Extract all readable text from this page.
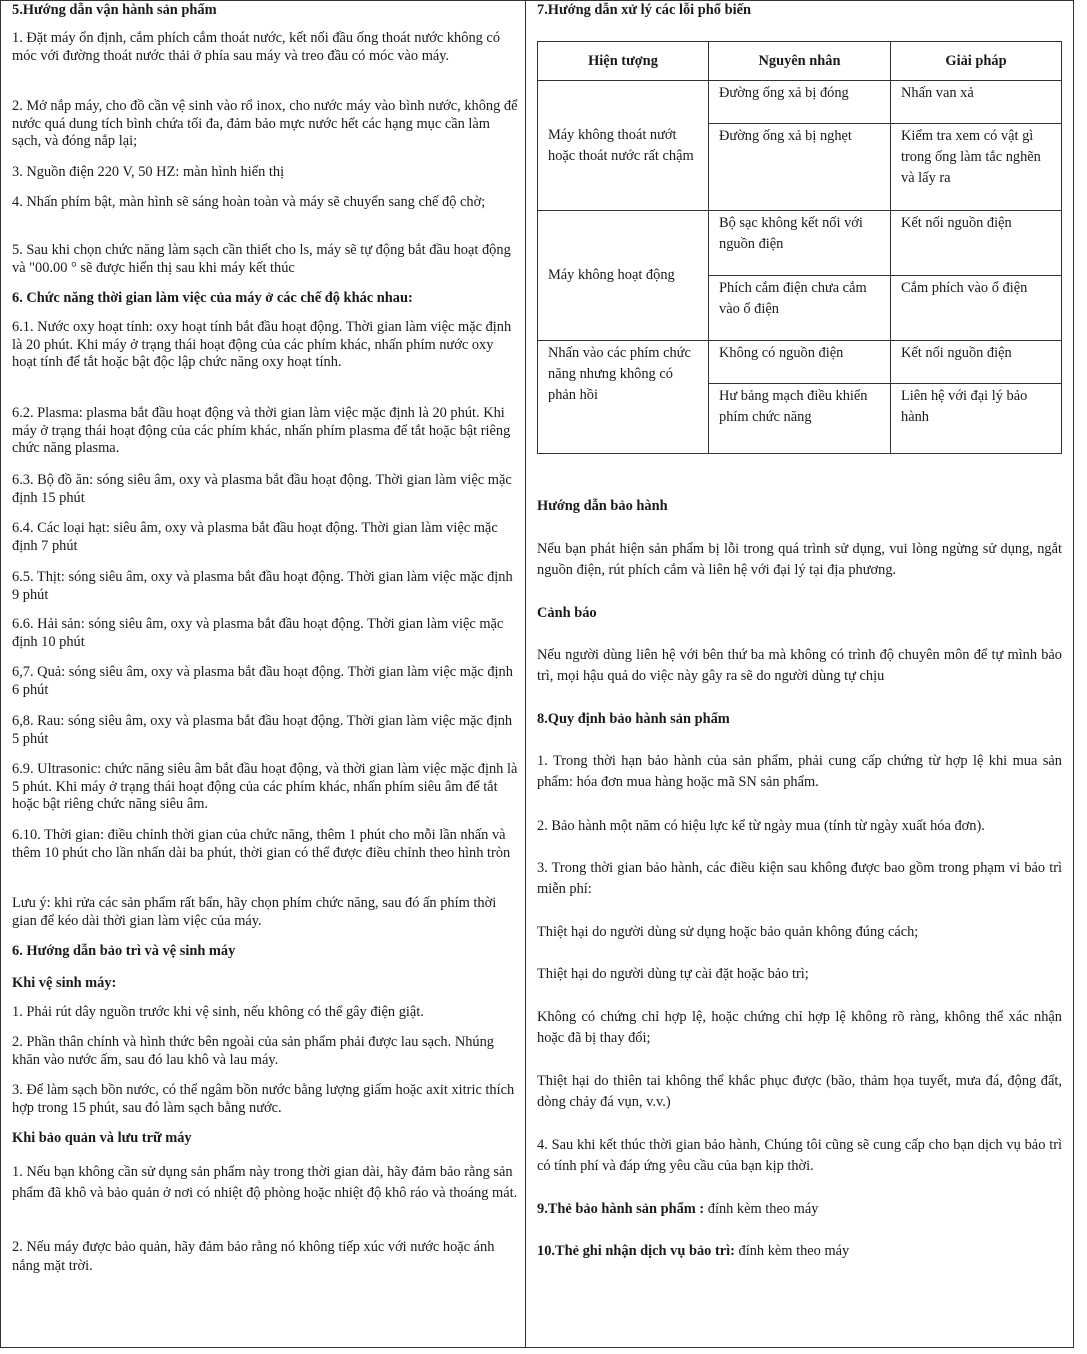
5.Hướng dẫn vận hành sản phẩm

1. Đặt máy ổn định, cắm phích cắm thoát nước, kết nối đầu ống thoát nước không có móc với đường thoát nước thải ở phía sau máy và treo đầu có móc vào máy.

2. Mở nắp máy, cho đồ cần vệ sinh vào rổ inox, cho nước máy vào bình nước, không để nước quá dung tích bình chứa tối đa, đảm bảo mực nước hết các hạng mục cần làm sạch, và đóng nắp lại;

3. Nguồn điện 220 V, 50 HZ: màn hình hiển thị

4. Nhấn phím bật, màn hình sẽ sáng hoàn toàn và máy sẽ chuyển sang chế độ chờ;

5. Sau khi chọn chức năng làm sạch cần thiết cho ls, máy sẽ tự động bắt đầu hoạt động và "00.00 ° sẽ được hiển thị sau khi máy kết thúc

6. Chức năng thời gian làm việc của máy ở các chế độ khác nhau:

6.1. Nước oxy hoạt tính: oxy hoạt tính bắt đầu hoạt động. Thời gian làm việc mặc định là 20 phút. Khi máy ở trạng thái hoạt động của các phím khác, nhấn phím nước oxy hoạt tính để tắt hoặc bật độc lập chức năng oxy hoạt tính.

6.2. Plasma: plasma bắt đầu hoạt động và thời gian làm việc mặc định là 20 phút. Khi máy ở trạng thái hoạt động của các phím khác, nhấn phím plasma để tắt hoặc bật riêng chức năng plasma.

6.3. Bộ đồ ăn: sóng siêu âm, oxy và plasma bắt đầu hoạt động. Thời gian làm việc mặc định 15 phút

6.4. Các loại hạt: siêu âm, oxy và plasma bắt đầu hoạt động. Thời gian làm việc mặc định 7 phút

6.5. Thịt: sóng siêu âm, oxy và plasma bắt đầu hoạt động. Thời gian làm việc mặc định 9 phút

6.6. Hải sản: sóng siêu âm, oxy và plasma bắt đầu hoạt động. Thời gian làm việc mặc định 10 phút

6,7. Quả: sóng siêu âm, oxy và plasma bắt đầu hoạt động. Thời gian làm việc mặc định 6 phút

6,8. Rau: sóng siêu âm, oxy và plasma bắt đầu hoạt động. Thời gian làm việc mặc định 5 phút

6.9. Ultrasonic: chức năng siêu âm bắt đầu hoạt động, và thời gian làm việc mặc định là 5 phút. Khi máy ở trạng thái hoạt động của các phím khác, nhấn phím siêu âm để tắt hoặc bật riêng chức năng siêu âm.

6.10. Thời gian: điều chỉnh thời gian của chức năng, thêm 1 phút cho mỗi lần nhấn và thêm 10 phút cho lần nhấn dài ba phút, thời gian có thể được điều chỉnh theo hình tròn

Lưu ý: khi rửa các sản phẩm rất bẩn, hãy chọn phím chức năng, sau đó ấn phím thời gian để kéo dài thời gian làm việc của máy.

6. Hướng dẫn bảo trì và vệ sinh máy

Khi vệ sinh máy:

1. Phải rút dây nguồn trước khi vệ sinh, nếu không có thể gây điện giật.

2. Phần thân chính và hình thức bên ngoài của sản phẩm phải được lau sạch. Nhúng khăn vào nước ấm, sau đó lau khô và lau máy.

3. Để làm sạch bồn nước, có thể ngâm bồn nước bằng lượng giấm hoặc axit xitric thích hợp trong 15 phút, sau đó làm sạch bằng nước.

Khi bảo quản và lưu trữ máy

1. Nếu bạn không cần sử dụng sản phẩm này trong thời gian dài, hãy đảm bảo rằng sản phẩm đã khô và bảo quản ở nơi có nhiệt độ phòng hoặc nhiệt độ khô ráo và thoáng mát.

2. Nếu máy được bảo quản, hãy đảm bảo rằng nó không tiếp xúc với nước hoặc ánh nắng mặt trời.

7.Hướng dẫn xử lý các lỗi phổ biến

Hiện tượng	Nguyên nhân	Giải pháp
Máy không thoát nướt hoặc thoát nước rất chậm	Đường ống xả bị đóng	Nhấn van xả
	Đường ống xả bị nghẹt	Kiểm tra xem có vật gì trong ống làm tắc nghẽn và lấy ra
Máy không hoạt động	Bộ sạc không kết nối với nguồn điện	Kết nối nguồn điện
	Phích cắm điện chưa cắm vào ổ điện	Cắm phích vào ổ điện
Nhấn vào các phím chức năng nhưng không có phản hồi	Không có nguồn điện	Kết nối nguồn điện
	Hư bảng mạch điều khiển phím chức năng	Liên hệ với đại lý bảo hành

Hướng dẫn bảo hành

Nếu bạn phát hiện sản phẩm bị lỗi trong quá trình sử dụng, vui lòng ngừng sử dụng, ngắt nguồn điện, rút phích cắm và liên hệ với đại lý tại địa phương.

Cảnh báo

Nếu người dùng liên hệ với bên thứ ba mà không có trình độ chuyên môn để tự mình bảo trì, mọi hậu quả do việc này gây ra sẽ do người dùng tự chịu

8.Quy định bảo hành sản phẩm

1. Trong thời hạn bảo hành của sản phẩm, phải cung cấp chứng từ hợp lệ khi mua sản phẩm: hóa đơn mua hàng hoặc mã SN sản phẩm.

2. Bảo hành một năm có hiệu lực kể từ ngày mua (tính từ ngày xuất hóa đơn).

3. Trong thời gian bảo hành, các điều kiện sau không được bao gồm trong phạm vi bảo trì miễn phí:

Thiệt hại do người dùng sử dụng hoặc bảo quản không đúng cách;

Thiệt hại do người dùng tự cài đặt hoặc bảo trì;

Không có chứng chỉ hợp lệ, hoặc chứng chỉ hợp lệ không rõ ràng, không thể xác nhận hoặc đã bị thay đổi;

Thiệt hại do thiên tai không thể khắc phục được (bão, thảm họa tuyết, mưa đá, động đất, dòng chảy đá vụn, v.v.)

4. Sau khi kết thúc thời gian bảo hành, Chúng tôi cũng sẽ cung cấp cho bạn dịch vụ bảo trì có tính phí và đáp ứng yêu cầu của bạn kịp thời.

9.Thẻ bảo hành sản phẩm : đính kèm theo máy

10.Thẻ ghi nhận dịch vụ bảo trì: đính kèm theo máy
